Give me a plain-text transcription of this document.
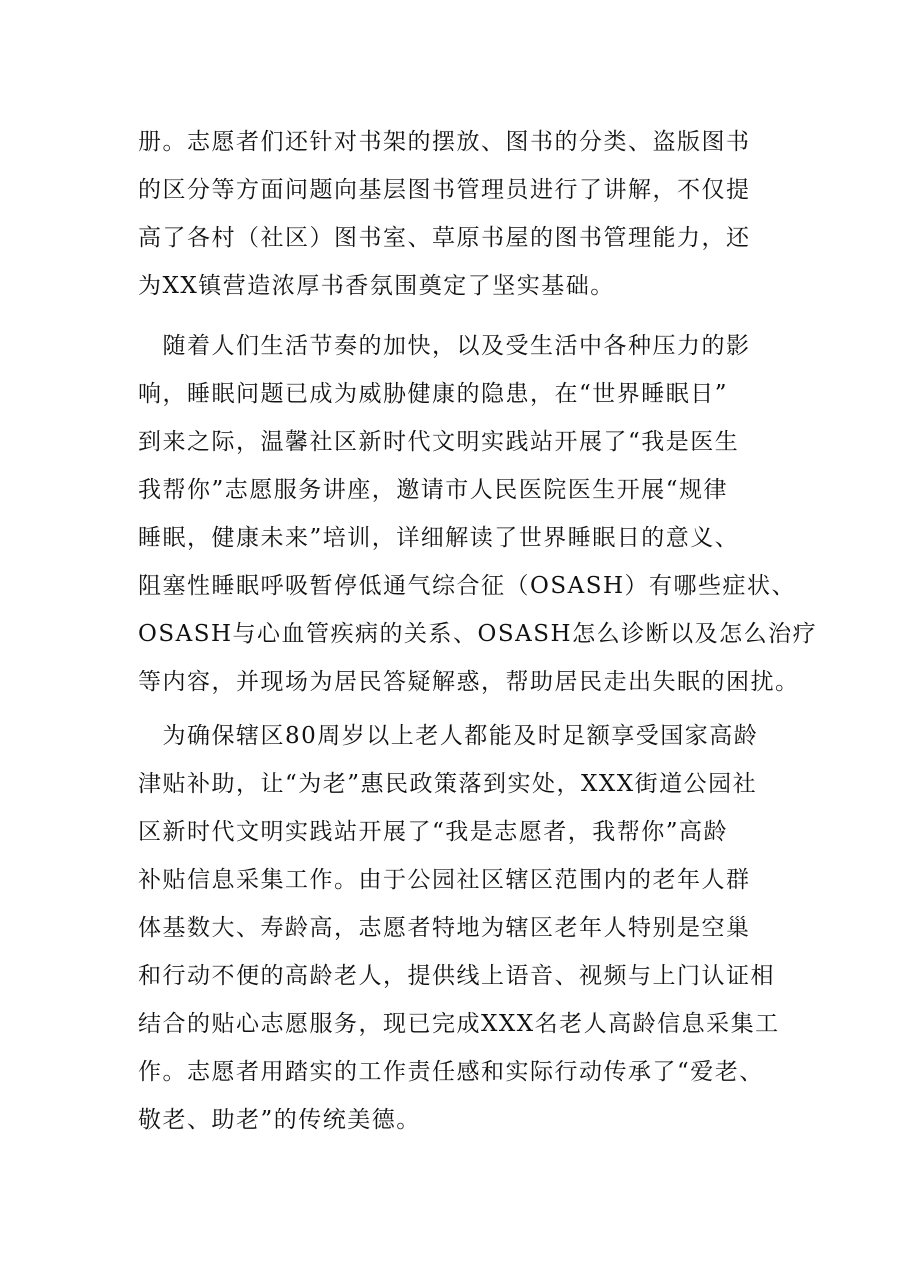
册。志愿者们还针对书架的摆放、图书的分类、盗版图书
的区分等方面问题向基层图书管理员进行了讲解，不仅提
高了各村（社区）图书室、草原书屋的图书管理能力，还
为XX镇营造浓厚书香氛围奠定了坚实基础。
　随着人们生活节奏的加快，以及受生活中各种压力的影
响，睡眠问题已成为威胁健康的隐患，在“世界睡眠日”
到来之际，温馨社区新时代文明实践站开展了“我是医生
我帮你”志愿服务讲座，邀请市人民医院医生开展“规律
睡眠，健康未来”培训，详细解读了世界睡眠日的意义、
阻塞性睡眠呼吸暂停低通气综合征（OSASH）有哪些症状、
OSASH与心血管疾病的关系、OSASH怎么诊断以及怎么治疗
等内容，并现场为居民答疑解惑，帮助居民走出失眠的困扰。
　为确保辖区80周岁以上老人都能及时足额享受国家高龄
津贴补助，让“为老”惠民政策落到实处，XXX街道公园社
区新时代文明实践站开展了“我是志愿者，我帮你”高龄
补贴信息采集工作。由于公园社区辖区范围内的老年人群
体基数大、寿龄高，志愿者特地为辖区老年人特别是空巢
和行动不便的高龄老人，提供线上语音、视频与上门认证相
结合的贴心志愿服务，现已完成XXX名老人高龄信息采集工
作。志愿者用踏实的工作责任感和实际行动传承了“爱老、
敬老、助老”的传统美德。
